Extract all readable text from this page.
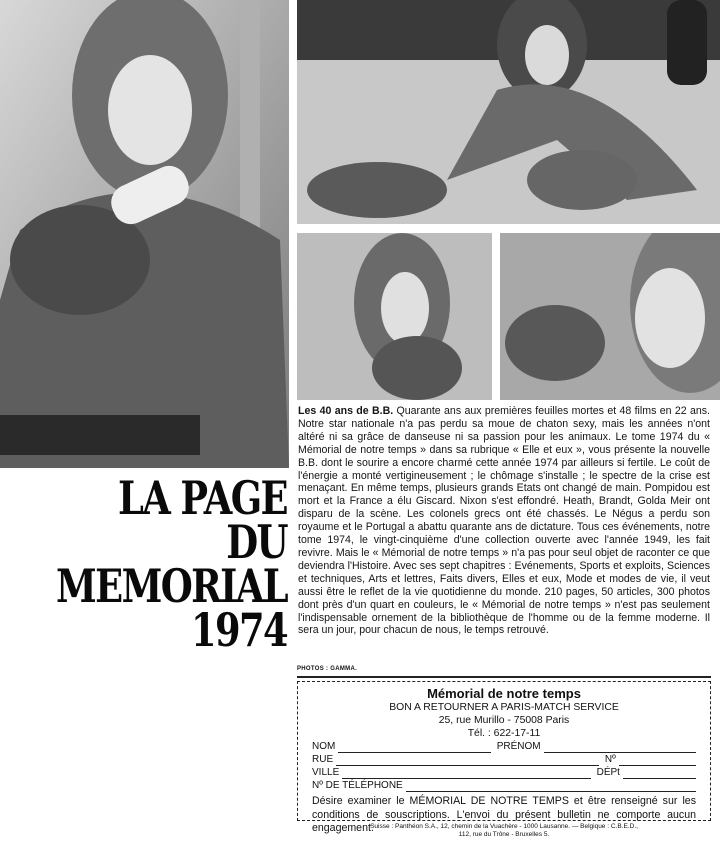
LA PAGE
DU
MEMORIAL
1974
Les 40 ans de B.B. Quarante ans aux premières feuilles mortes et 48 films en 22 ans. Notre star nationale n'a pas perdu sa moue de chaton sexy, mais les années n'ont altéré ni sa grâce de danseuse ni sa passion pour les animaux. Le tome 1974 du « Mémorial de notre temps » dans sa rubrique « Elle et eux », vous présente la nouvelle B.B. dont le sourire a encore charmé cette année 1974 par ailleurs si fertile. Le coût de l'énergie a monté vertigineusement ; le chômage s'installe ; le spectre de la crise est menaçant. En même temps, plusieurs grands Etats ont changé de main. Pompidou est mort et la France a élu Giscard. Nixon s'est effondré. Heath, Brandt, Golda Meir ont disparu de la scène. Les colonels grecs ont été chassés. Le Négus a perdu son royaume et le Portugal a abattu quarante ans de dictature. Tous ces événements, notre tome 1974, le vingt-cinquième d'une collection ouverte avec l'année 1949, les fait revivre. Mais le « Mémorial de notre temps » n'a pas pour seul objet de raconter ce que deviendra l'Histoire. Avec ses sept chapitres : Evénements, Sports et exploits, Sciences et techniques, Arts et lettres, Faits divers, Elles et eux, Mode et modes de vie, il veut aussi être le reflet de la vie quotidienne du monde. 210 pages, 50 articles, 300 photos dont près d'un quart en couleurs, le « Mémorial de notre temps » n'est pas seulement l'indispensable ornement de la bibliothèque de l'homme ou de la femme moderne. Il sera un jour, pour chacun de nous, le temps retrouvé.
PHOTOS : GAMMA.
Mémorial de notre temps
BON A RETOURNER A PARIS-MATCH SERVICE
25, rue Murillo - 75008 Paris
Tél. : 622-17-11
NOM	PRÉNOM
RUE	Nº
VILLE	DÉPt
Nº DE TÉLÉPHONE
Désire examiner le MÉMORIAL DE NOTRE TEMPS et être renseigné sur les conditions de souscriptions. L'envoi du présent bulletin ne comporte aucun engagement.
Suisse : Panthéon S.A., 12, chemin de la Vuachère - 1000 Lausanne. — Belgique : C.B.E.D.,
112, rue du Trône - Bruxelles 5.
